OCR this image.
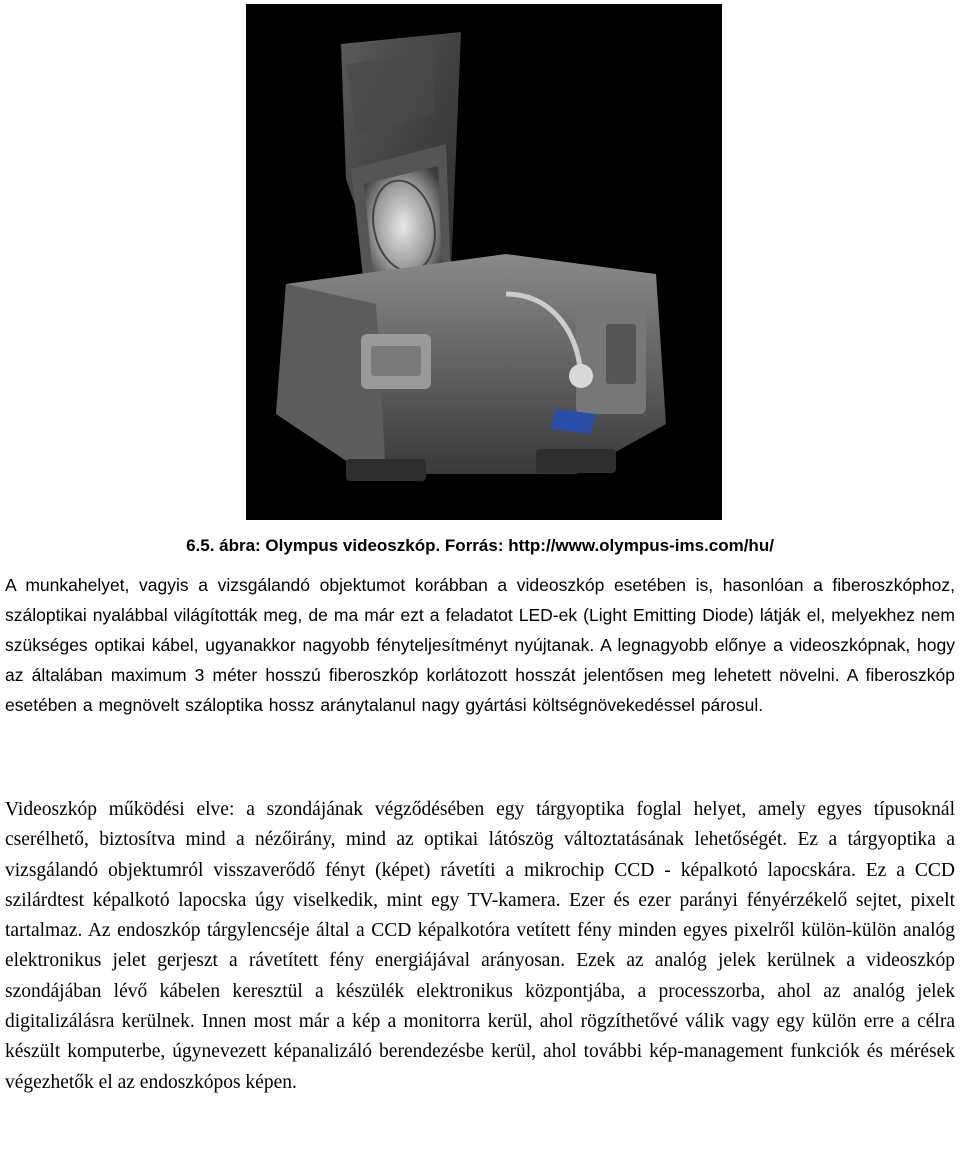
6.5. ábra: Olympus videoszkóp. Forrás: http://www.olympus-ims.com/hu/

A munkahelyet, vagyis a vizsgálandó objektumot korábban a videoszkóp esetében is, hasonlóan a fiberoszkóphoz, száloptikai nyalábbal világították meg, de ma már ezt a feladatot LED-ek (Light Emitting Diode) látják el, melyekhez nem szükséges optikai kábel, ugyanakkor nagyobb fényteljesítményt nyújtanak. A legnagyobb előnye a videoszkópnak, hogy az általában maximum 3 méter hosszú fiberoszkóp korlátozott hosszát jelentősen meg lehetett növelni. A fiberoszkóp esetében a megnövelt száloptika hossz aránytalanul nagy gyártási költségnövekedéssel párosul.

Videoszkóp működési elve: a szondájának végződésében egy tárgyoptika foglal helyet, amely egyes típusoknál cserélhető, biztosítva mind a nézőirány, mind az optikai látószög változtatásának lehetőségét. Ez a tárgyoptika a vizsgálandó objektumról visszaverődő fényt (képet) rávetíti a mikrochip CCD - képalkotó lapocskára. Ez a CCD szilárdtest képalkotó lapocska úgy viselkedik, mint egy TV-kamera. Ezer és ezer parányi fényérzékelő sejtet, pixelt tartalmaz. Az endoszkóp tárgylencséje által a CCD képalkotóra vetített fény minden egyes pixelről külön-külön analóg elektronikus jelet gerjeszt a rávetített fény energiájával arányosan. Ezek az analóg jelek kerülnek a videoszkóp szondájában lévő kábelen keresztül a készülék elektronikus központjába, a processzorba, ahol az analóg jelek digitalizálásra kerülnek. Innen most már a kép a monitorra kerül, ahol rögzíthetővé válik vagy egy külön erre a célra készült komputerbe, úgynevezett képanalizáló berendezésbe kerül, ahol további kép-management funkciók és mérések végezhetők el az endoszkópos képen.
